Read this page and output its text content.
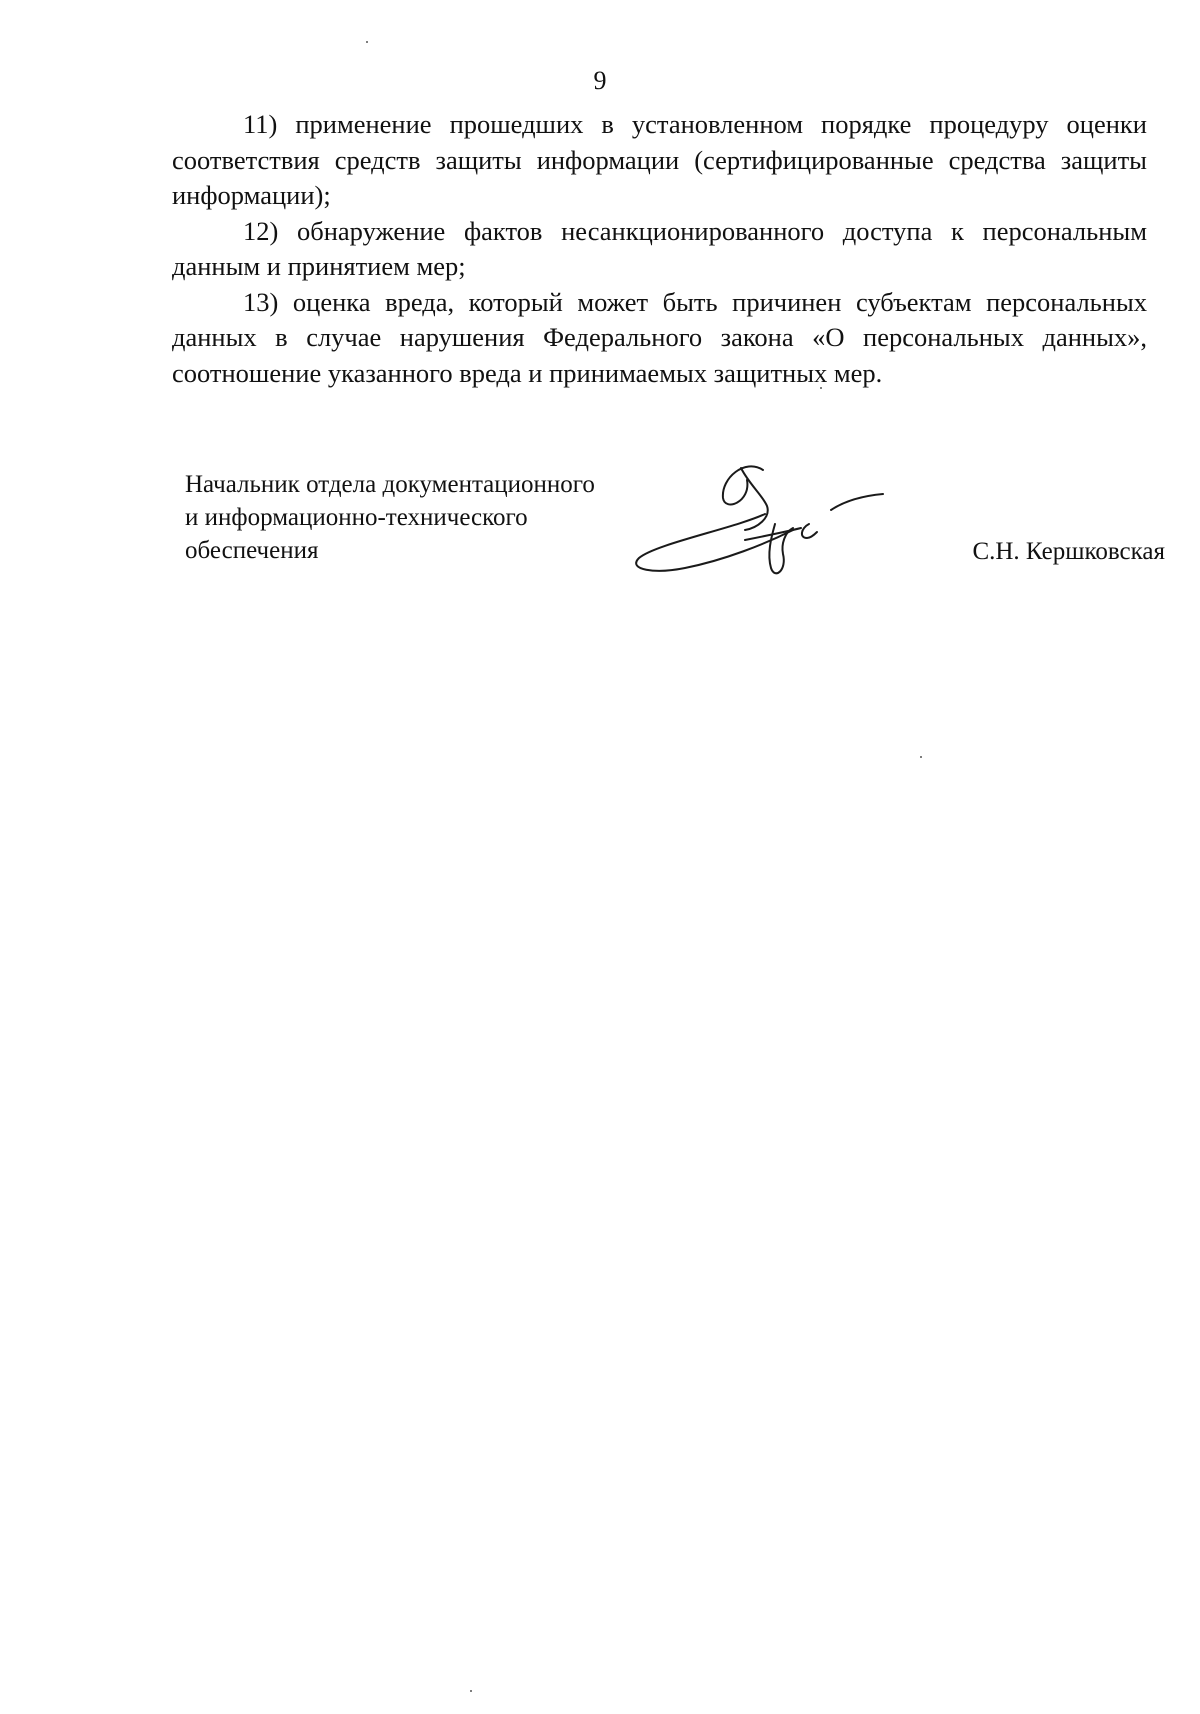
9

11) применение прошедших в установленном порядке процедуру оценки соответствия средств защиты информации (сертифицированные средства защиты информации);

12) обнаружение фактов несанкционированного доступа к персональным данным и принятием мер;

13) оценка вреда, который может быть причинен субъектам персональных данных в случае нарушения Федерального закона «О персональных данных», соотношение указанного вреда и принимаемых защитных мер.

Начальник отдела документационного
и информационно-технического
обеспечения	С.Н. Кершковская
